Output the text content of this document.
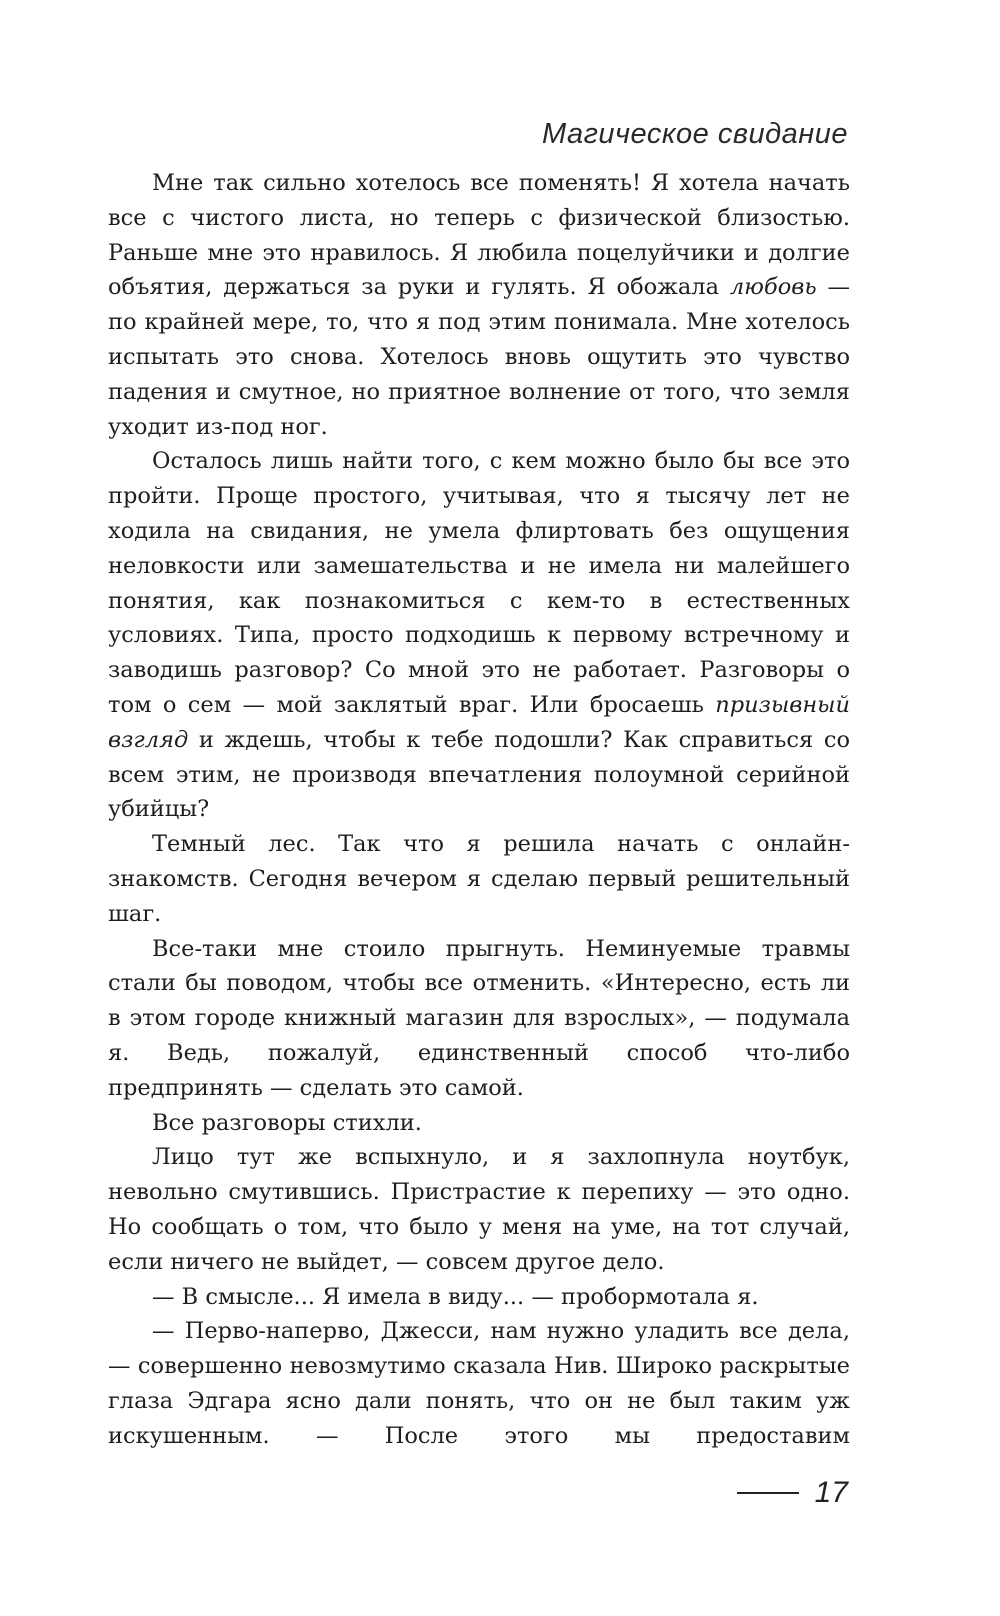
Магическое свидание

Мне так сильно хотелось все поменять! Я хотела начать все с чистого листа, но теперь с физической близостью. Раньше мне это нравилось. Я любила поцелуйчики и долгие объятия, держаться за руки и гулять. Я обожала любовь — по крайней мере, то, что я под этим понимала. Мне хотелось испытать это снова. Хотелось вновь ощутить это чувство падения и смутное, но приятное волнение от того, что земля уходит из-под ног.

Осталось лишь найти того, с кем можно было бы все это пройти. Проще простого, учитывая, что я тысячу лет не ходила на свидания, не умела флиртовать без ощущения неловкости или замешательства и не имела ни малейшего понятия, как познакомиться с кем-то в естественных условиях. Типа, просто подходишь к первому встречному и заводишь разговор? Со мной это не работает. Разговоры о том о сем — мой заклятый враг. Или бросаешь призывный взгляд и ждешь, чтобы к тебе подошли? Как справиться со всем этим, не производя впечатления полоумной серийной убийцы?

Темный лес. Так что я решила начать с онлайн-знакомств. Сегодня вечером я сделаю первый решительный шаг.

Все-таки мне стоило прыгнуть. Неминуемые травмы стали бы поводом, чтобы все отменить. «Интересно, есть ли в этом городе книжный магазин для взрослых», — подумала я. Ведь, пожалуй, единственный способ что-либо предпринять — сделать это самой.

Все разговоры стихли.

Лицо тут же вспыхнуло, и я захлопнула ноутбук, невольно смутившись. Пристрастие к перепиху — это одно. Но сообщать о том, что было у меня на уме, на тот случай, если ничего не выйдет, — совсем другое дело.

— В смысле... Я имела в виду... — пробормотала я.

— Перво-наперво, Джесси, нам нужно уладить все дела, — совершенно невозмутимо сказала Нив. Широко раскрытые глаза Эдгара ясно дали понять, что он не был таким уж искушенным. — После этого мы предоставим

17
